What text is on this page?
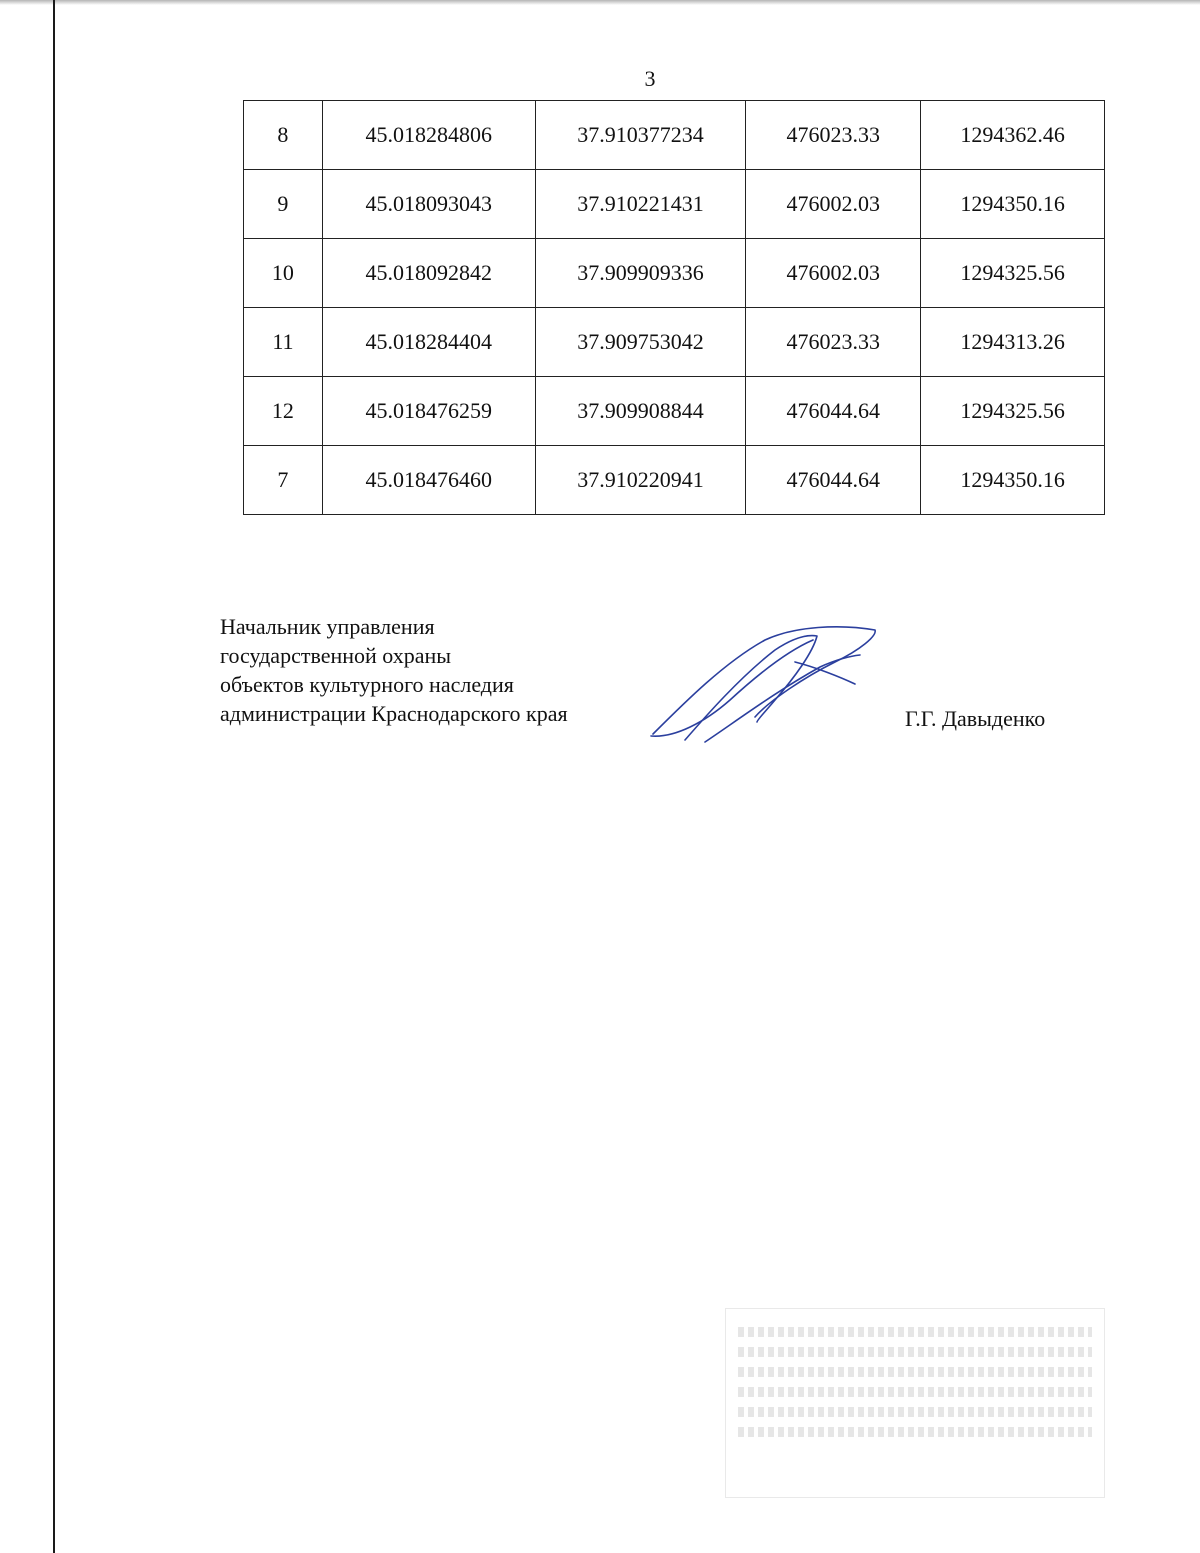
3
8	45.018284806	37.910377234	476023.33	1294362.46
9	45.018093043	37.910221431	476002.03	1294350.16
10	45.018092842	37.909909336	476002.03	1294325.56
11	45.018284404	37.909753042	476023.33	1294313.26
12	45.018476259	37.909908844	476044.64	1294325.56
7	45.018476460	37.910220941	476044.64	1294350.16
Начальник управления
государственной охраны
объектов культурного наследия
администрации Краснодарского края	Г.Г. Давыденко
